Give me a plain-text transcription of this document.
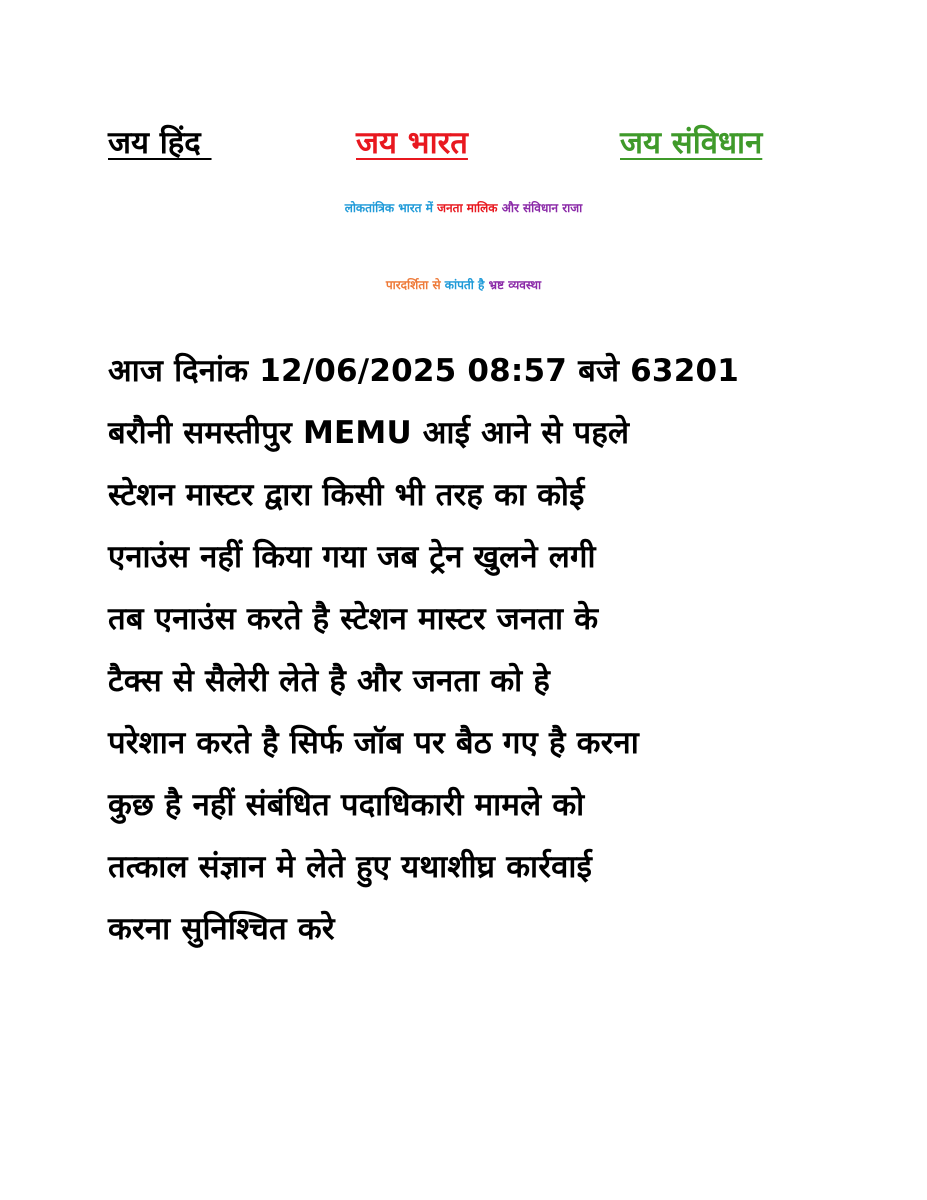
जय हिंद	जय भारत	जय संविधान
लोकतांत्रिक भारत में जनता मालिक और संविधान राजा
पारदर्शिता से कांपती है भ्रष्ट व्यवस्था
आज दिनांक 12/06/2025 08:57 बजे 63201
बरौनी समस्तीपुर MEMU आई आने से पहले
स्टेशन मास्टर द्वारा किसी भी तरह का कोई
एनाउंस नहीं किया गया जब ट्रेन खुलने लगी
तब एनाउंस करते है स्टेशन मास्टर जनता के
टैक्स से सैलेरी लेते है और जनता को हे
परेशान करते है सिर्फ जॉब पर बैठ गए है करना
कुछ है नहीं संबंधित पदाधिकारी मामले को
तत्काल संज्ञान मे लेते हुए यथाशीघ्र कार्रवाई
करना सुनिश्चित करे
